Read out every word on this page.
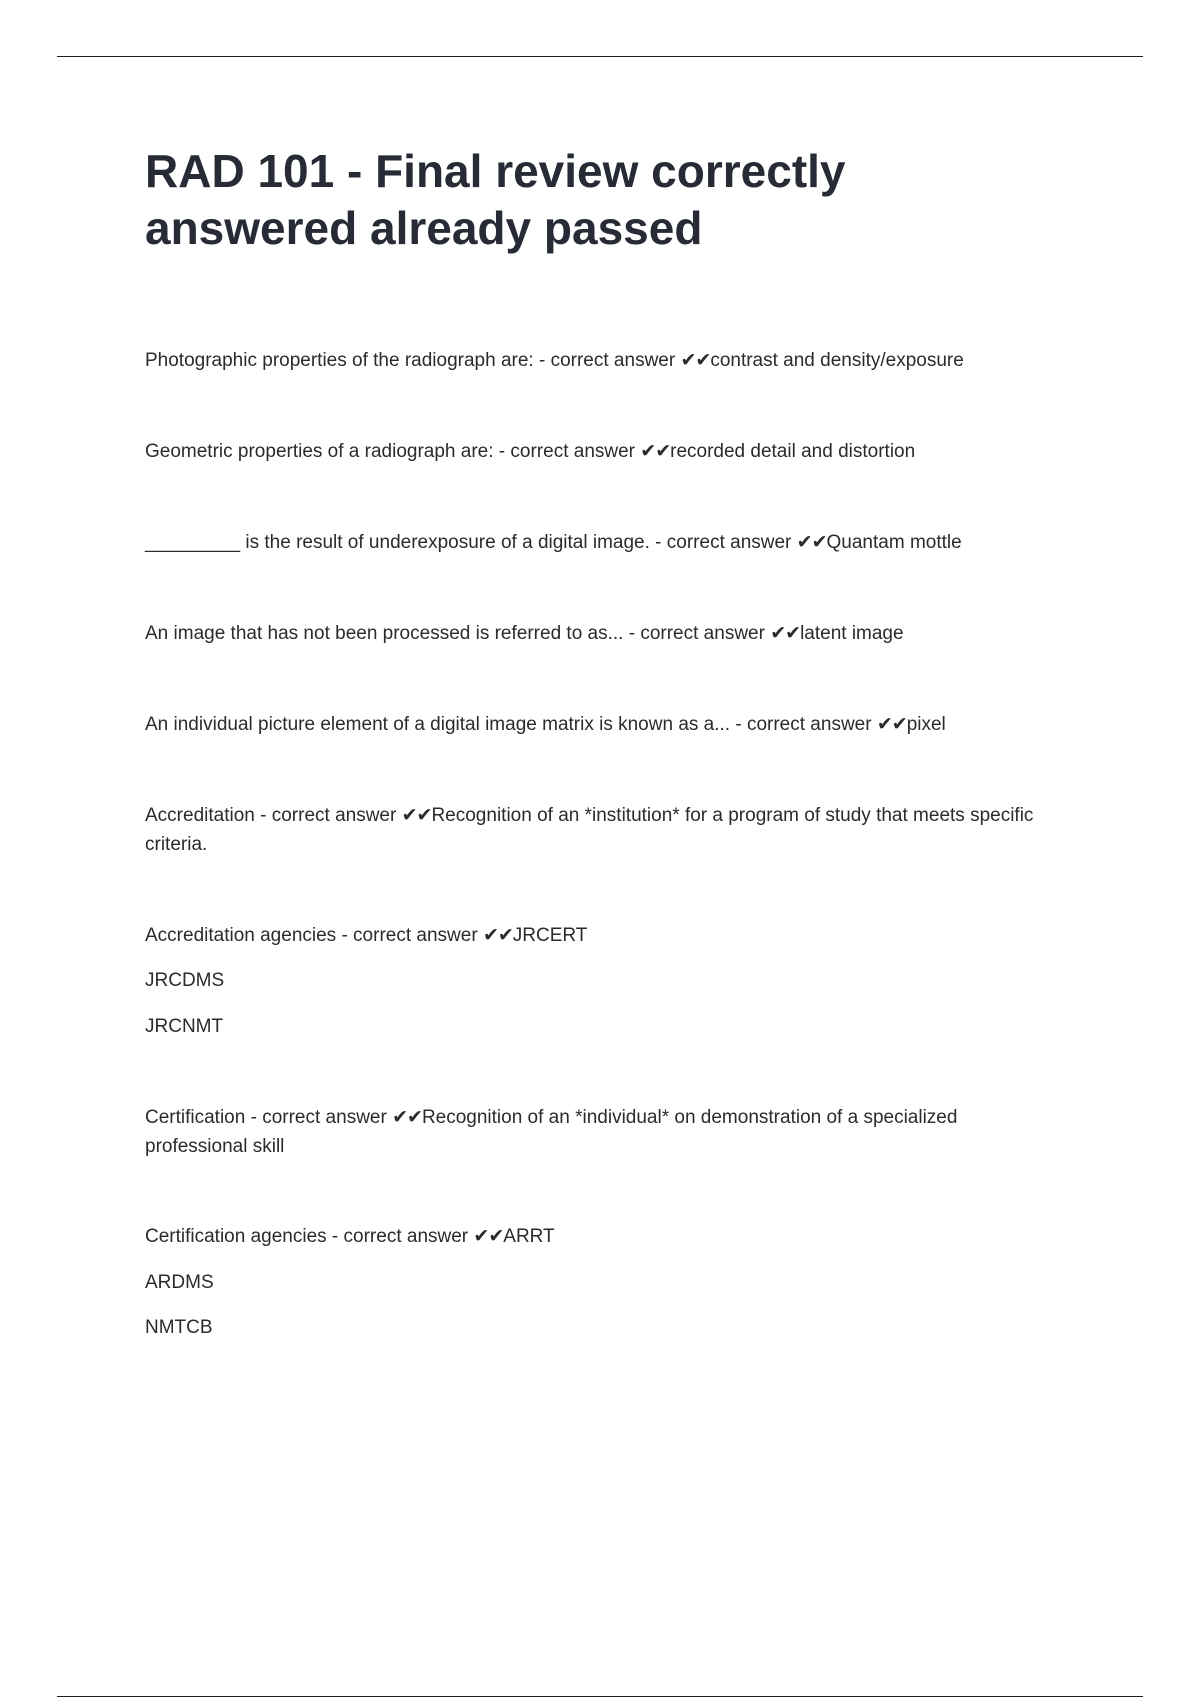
RAD 101 - Final review correctly answered already passed

Photographic properties of the radiograph are: - correct answer ✔✔contrast and density/exposure

Geometric properties of a radiograph are: - correct answer ✔✔recorded detail and distortion

_________ is the result of underexposure of a digital image. - correct answer ✔✔Quantam mottle

An image that has not been processed is referred to as... - correct answer ✔✔latent image

An individual picture element of a digital image matrix is known as a... - correct answer ✔✔pixel

Accreditation - correct answer ✔✔Recognition of an *institution* for a program of study that meets specific criteria.

Accreditation agencies - correct answer ✔✔JRCERT

JRCDMS

JRCNMT

Certification - correct answer ✔✔Recognition of an *individual* on demonstration of a specialized professional skill

Certification agencies - correct answer ✔✔ARRT

ARDMS

NMTCB
